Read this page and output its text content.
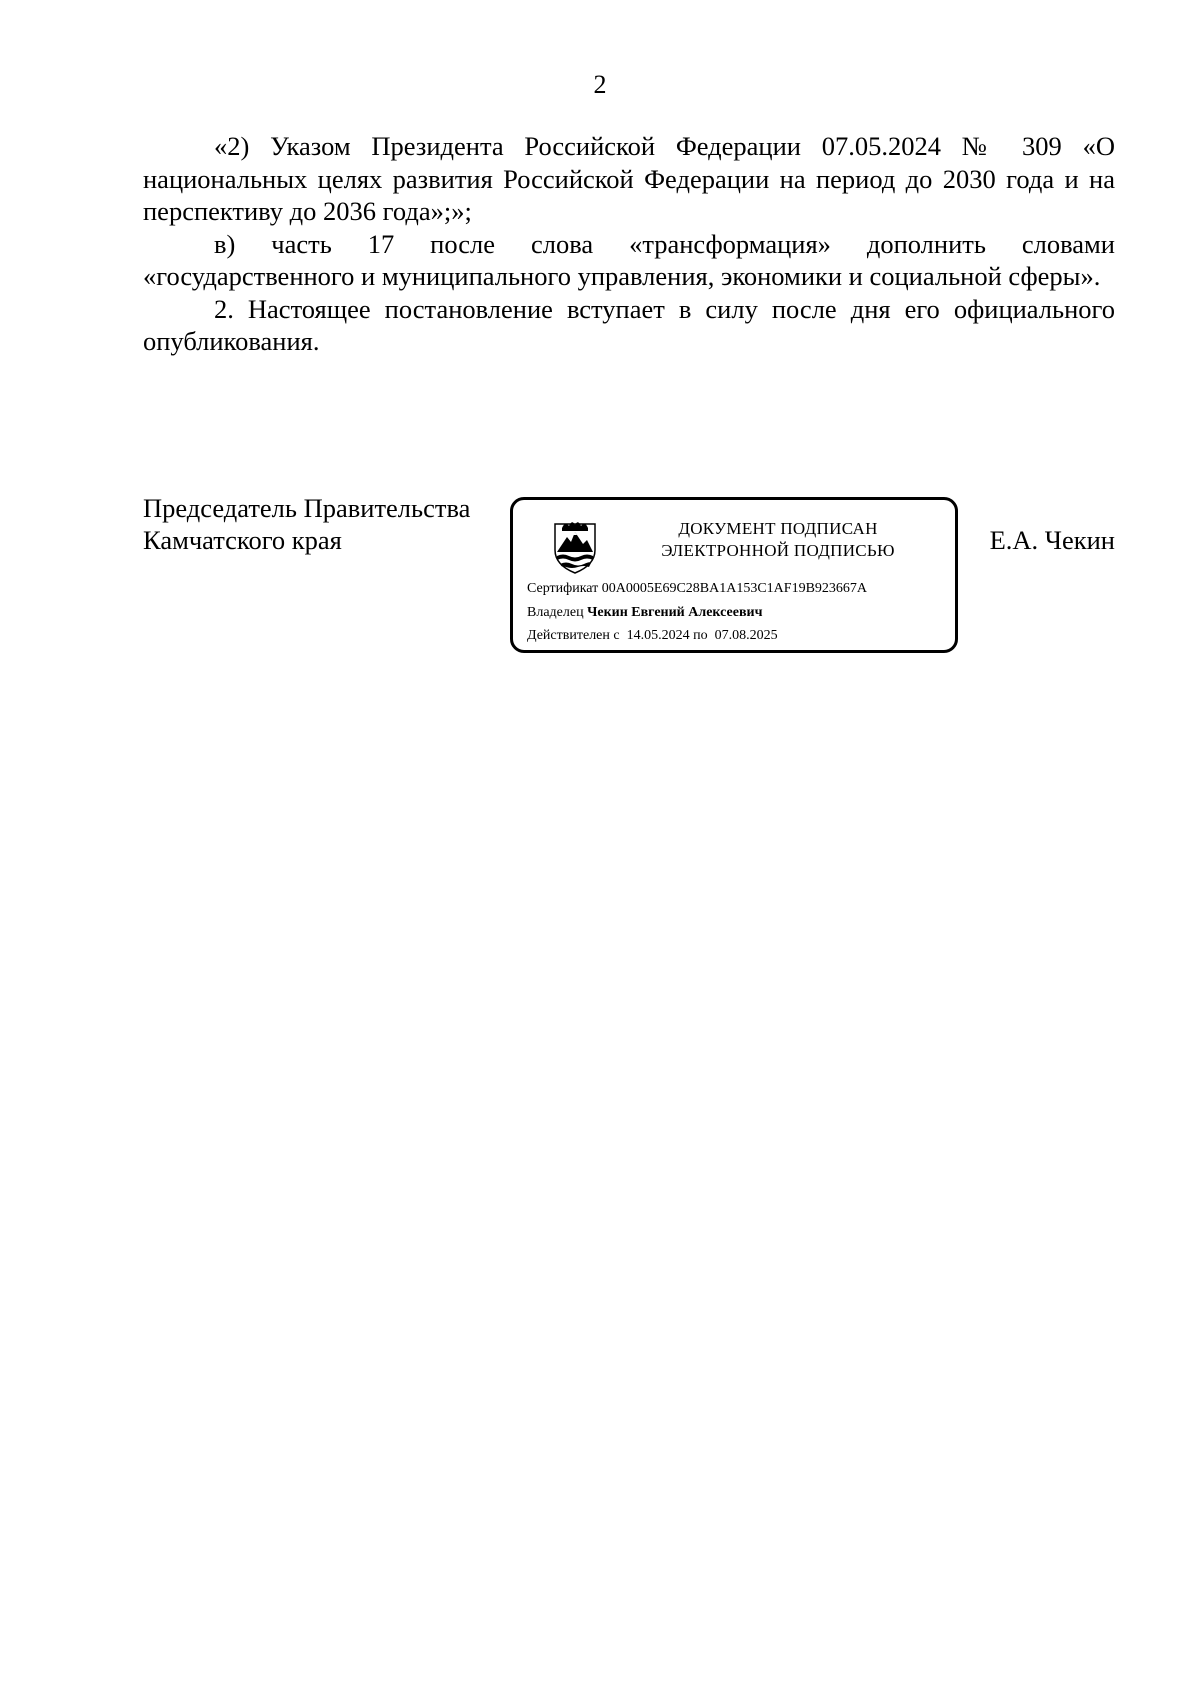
2

«2) Указом Президента Российской Федерации 07.05.2024 № 309 «О национальных целях развития Российской Федерации на период до 2030 года и на перспективу до 2036 года»;»;

в) часть 17 после слова «трансформация» дополнить словами «государственного и муниципального управления, экономики и социальной сферы».

2. Настоящее постановление вступает в силу после дня его официального опубликования.

Председатель Правительства
Камчатского края	ДОКУМЕНТ ПОДПИСАН
ЭЛЕКТРОННОЙ ПОДПИСЬЮ
Сертификат 00A0005E69C28BA1A153C1AF19B923667A
Владелец Чекин Евгений Алексеевич
Действителен с 14.05.2024 по 07.08.2025
Е.А. Чекин
